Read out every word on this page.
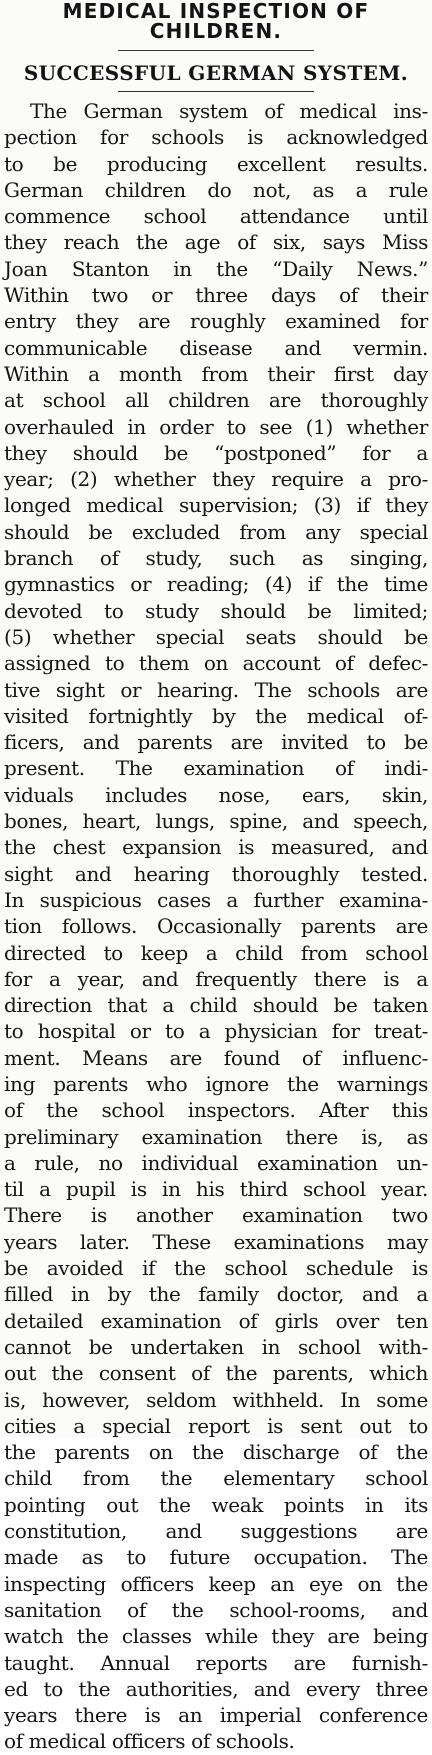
MEDICAL INSPECTION OF
CHILDREN.
SUCCESSFUL GERMAN SYSTEM.
The German system of medical ins-
pection for schools is acknowledged
to be producing excellent results.
German children do not, as a rule
commence school attendance until
they reach the age of six, says Miss
Joan Stanton in the “Daily News.”
Within two or three days of their
entry they are roughly examined for
communicable disease and vermin.
Within a month from their first day
at school all children are thoroughly
overhauled in order to see (1) whether
they should be “postponed” for a
year; (2) whether they require a pro-
longed medical supervision; (3) if they
should be excluded from any special
branch of study, such as singing,
gymnastics or reading; (4) if the time
devoted to study should be limited;
(5) whether special seats should be
assigned to them on account of defec-
tive sight or hearing. The schools are
visited fortnightly by the medical of-
ficers, and parents are invited to be
present. The examination of indi-
viduals includes nose, ears, skin,
bones, heart, lungs, spine, and speech,
the chest expansion is measured, and
sight and hearing thoroughly tested.
In suspicious cases a further examina-
tion follows. Occasionally parents are
directed to keep a child from school
for a year, and frequently there is a
direction that a child should be taken
to hospital or to a physician for treat-
ment. Means are found of influenc-
ing parents who ignore the warnings
of the school inspectors. After this
preliminary examination there is, as
a rule, no individual examination un-
til a pupil is in his third school year.
There is another examination two
years later. These examinations may
be avoided if the school schedule is
filled in by the family doctor, and a
detailed examination of girls over ten
cannot be undertaken in school with-
out the consent of the parents, which
is, however, seldom withheld. In some
cities a special report is sent out to
the parents on the discharge of the
child from the elementary school
pointing out the weak points in its
constitution, and suggestions are
made as to future occupation. The
inspecting officers keep an eye on the
sanitation of the school-rooms, and
watch the classes while they are being
taught. Annual reports are furnish-
ed to the authorities, and every three
years there is an imperial conference
of medical officers of schools.
